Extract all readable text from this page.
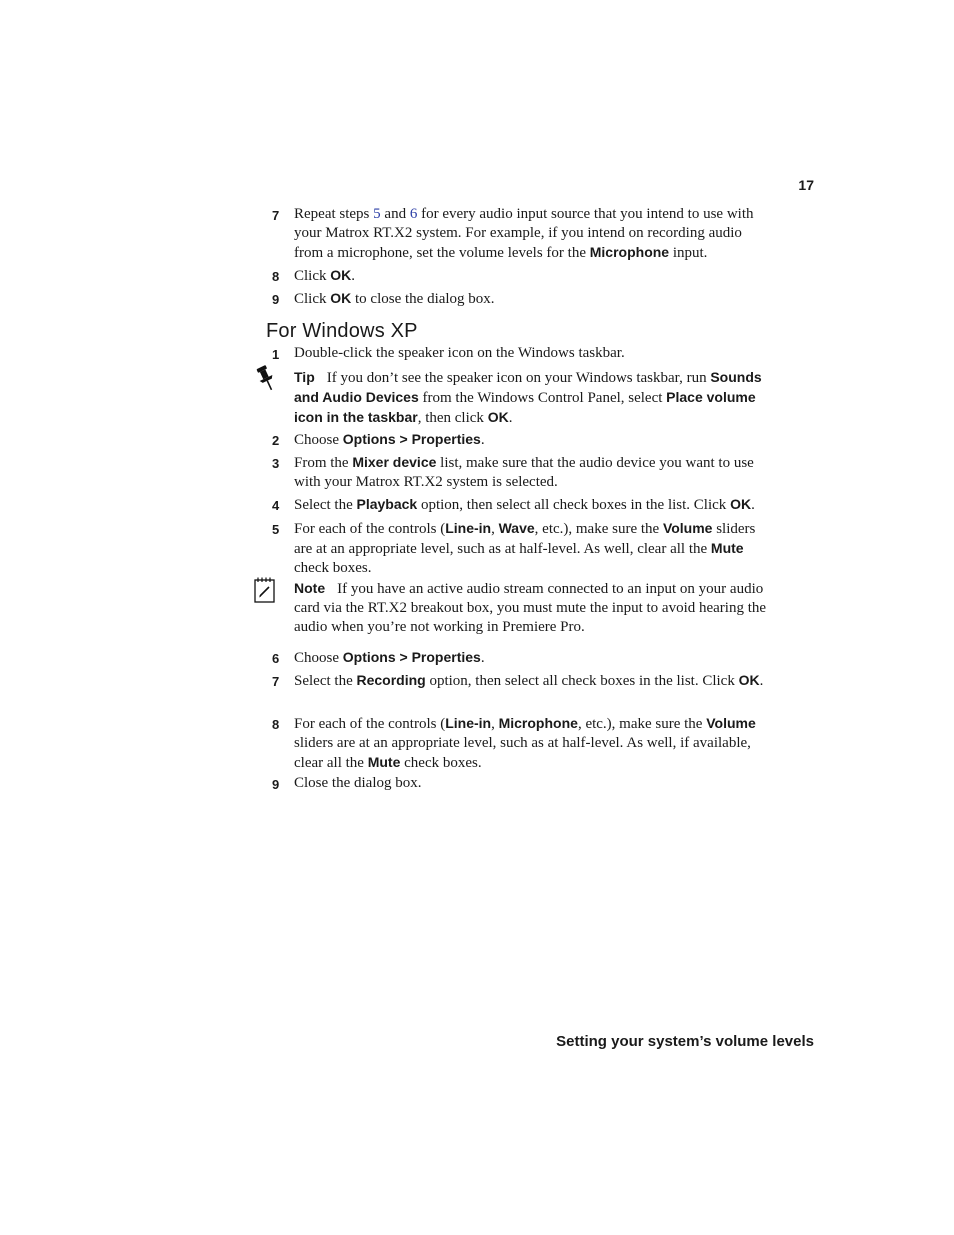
17
7 Repeat steps 5 and 6 for every audio input source that you intend to use with your Matrox RT.X2 system. For example, if you intend on recording audio from a microphone, set the volume levels for the Microphone input.
8 Click OK.
9 Click OK to close the dialog box.
For Windows XP
1 Double-click the speaker icon on the Windows taskbar.
Tip If you don’t see the speaker icon on your Windows taskbar, run Sounds and Audio Devices from the Windows Control Panel, select Place volume icon in the taskbar, then click OK.
2 Choose Options > Properties.
3 From the Mixer device list, make sure that the audio device you want to use with your Matrox RT.X2 system is selected.
4 Select the Playback option, then select all check boxes in the list. Click OK.
5 For each of the controls (Line-in, Wave, etc.), make sure the Volume sliders are at an appropriate level, such as at half-level. As well, clear all the Mute check boxes.
Note If you have an active audio stream connected to an input on your audio card via the RT.X2 breakout box, you must mute the input to avoid hearing the audio when you’re not working in Premiere Pro.
6 Choose Options > Properties.
7 Select the Recording option, then select all check boxes in the list. Click OK.
8 For each of the controls (Line-in, Microphone, etc.), make sure the Volume sliders are at an appropriate level, such as at half-level. As well, if available, clear all the Mute check boxes.
9 Close the dialog box.
Setting your system’s volume levels
